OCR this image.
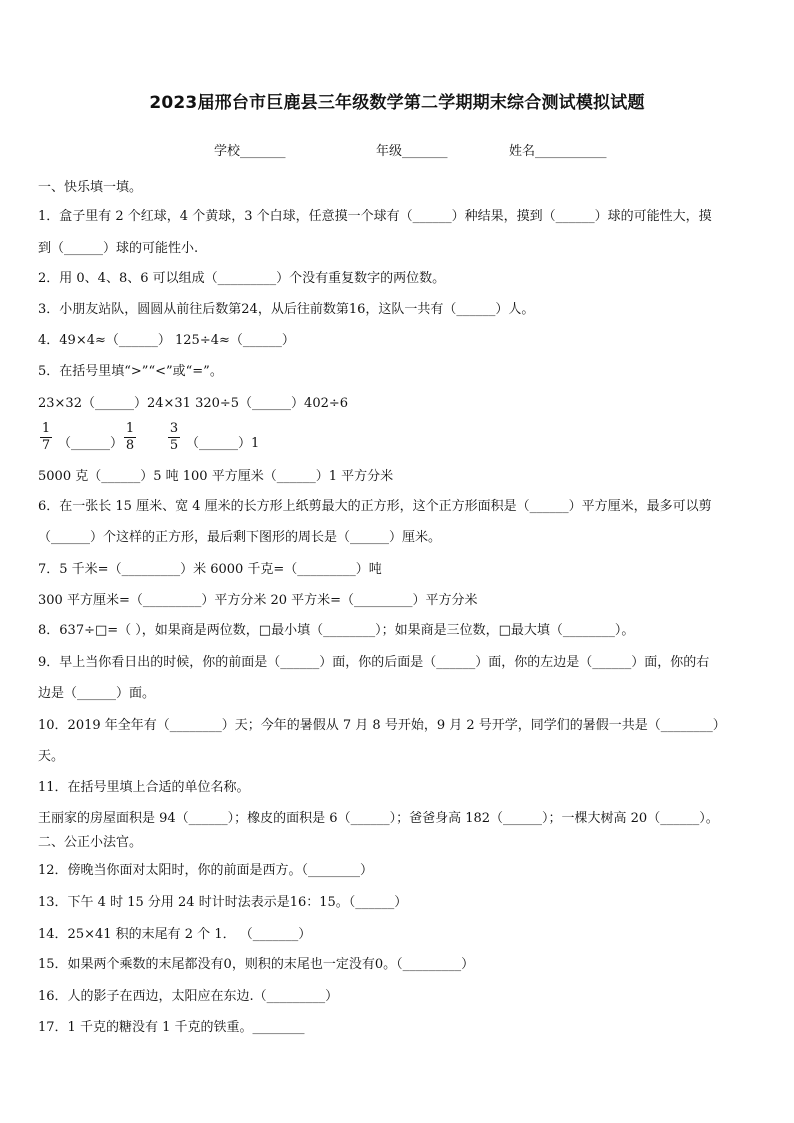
2023届邢台市巨鹿县三年级数学第二学期期末综合测试模拟试题
学校_______	年级_______	姓名___________
一、快乐填一填。
1．盒子里有 2 个红球，4 个黄球，3 个白球，任意摸一个球有（______）种结果，摸到（______）球的可能性大，摸
到（______）球的可能性小.
2．用 0、4、8、6 可以组成（_________）个没有重复数字的两位数。
3．小朋友站队，圆圆从前往后数第24，从后往前数第16，这队一共有（______）人。
4．49×4≈（______） 125÷4≈（______）
5．在括号里填“>”“<”或“=”。
23×32（______）24×31 320÷5（______）402÷6
$\frac{1}{7}$ （______） $\frac{1}{8} \frac{3}{5}$ （______）1
5000 克（______）5 吨 100 平方厘米（______）1 平方分米
6．在一张长 15 厘米、宽 4 厘米的长方形上纸剪最大的正方形，这个正方形面积是（______）平方厘米，最多可以剪
（______）个这样的正方形，最后剩下图形的周长是（______）厘米。
7．5 千米=（_________）米 6000 千克=（_________）吨
300 平方厘米=（_________）平方分米 20 平方米=（_________）平方分米
8．637÷□=（ ），如果商是两位数，□最小填（________）；如果商是三位数，□最大填（________）。
9．早上当你看日出的时候，你的前面是（______）面，你的后面是（______）面，你的左边是（______）面，你的右
边是（______）面。
10．2019 年全年有（________）天；今年的暑假从 7 月 8 号开始，9 月 2 号开学，同学们的暑假一共是（________）
天。
11．在括号里填上合适的单位名称。
王丽家的房屋面积是 94（______）；橡皮的面积是 6（______）；爸爸身高 182（______）；一棵大树高 20（______）。
二、公正小法官。
12．傍晚当你面对太阳时，你的前面是西方。（________）
13．下午 4 时 15 分用 24 时计时法表示是16：15。（______）
14．25×41 积的末尾有 2 个 1． （_______）
15．如果两个乘数的末尾都没有0，则积的末尾也一定没有0。（_________）
16．人的影子在西边，太阳应在东边.（_________）
17．1 千克的糖没有 1 千克的铁重。________
